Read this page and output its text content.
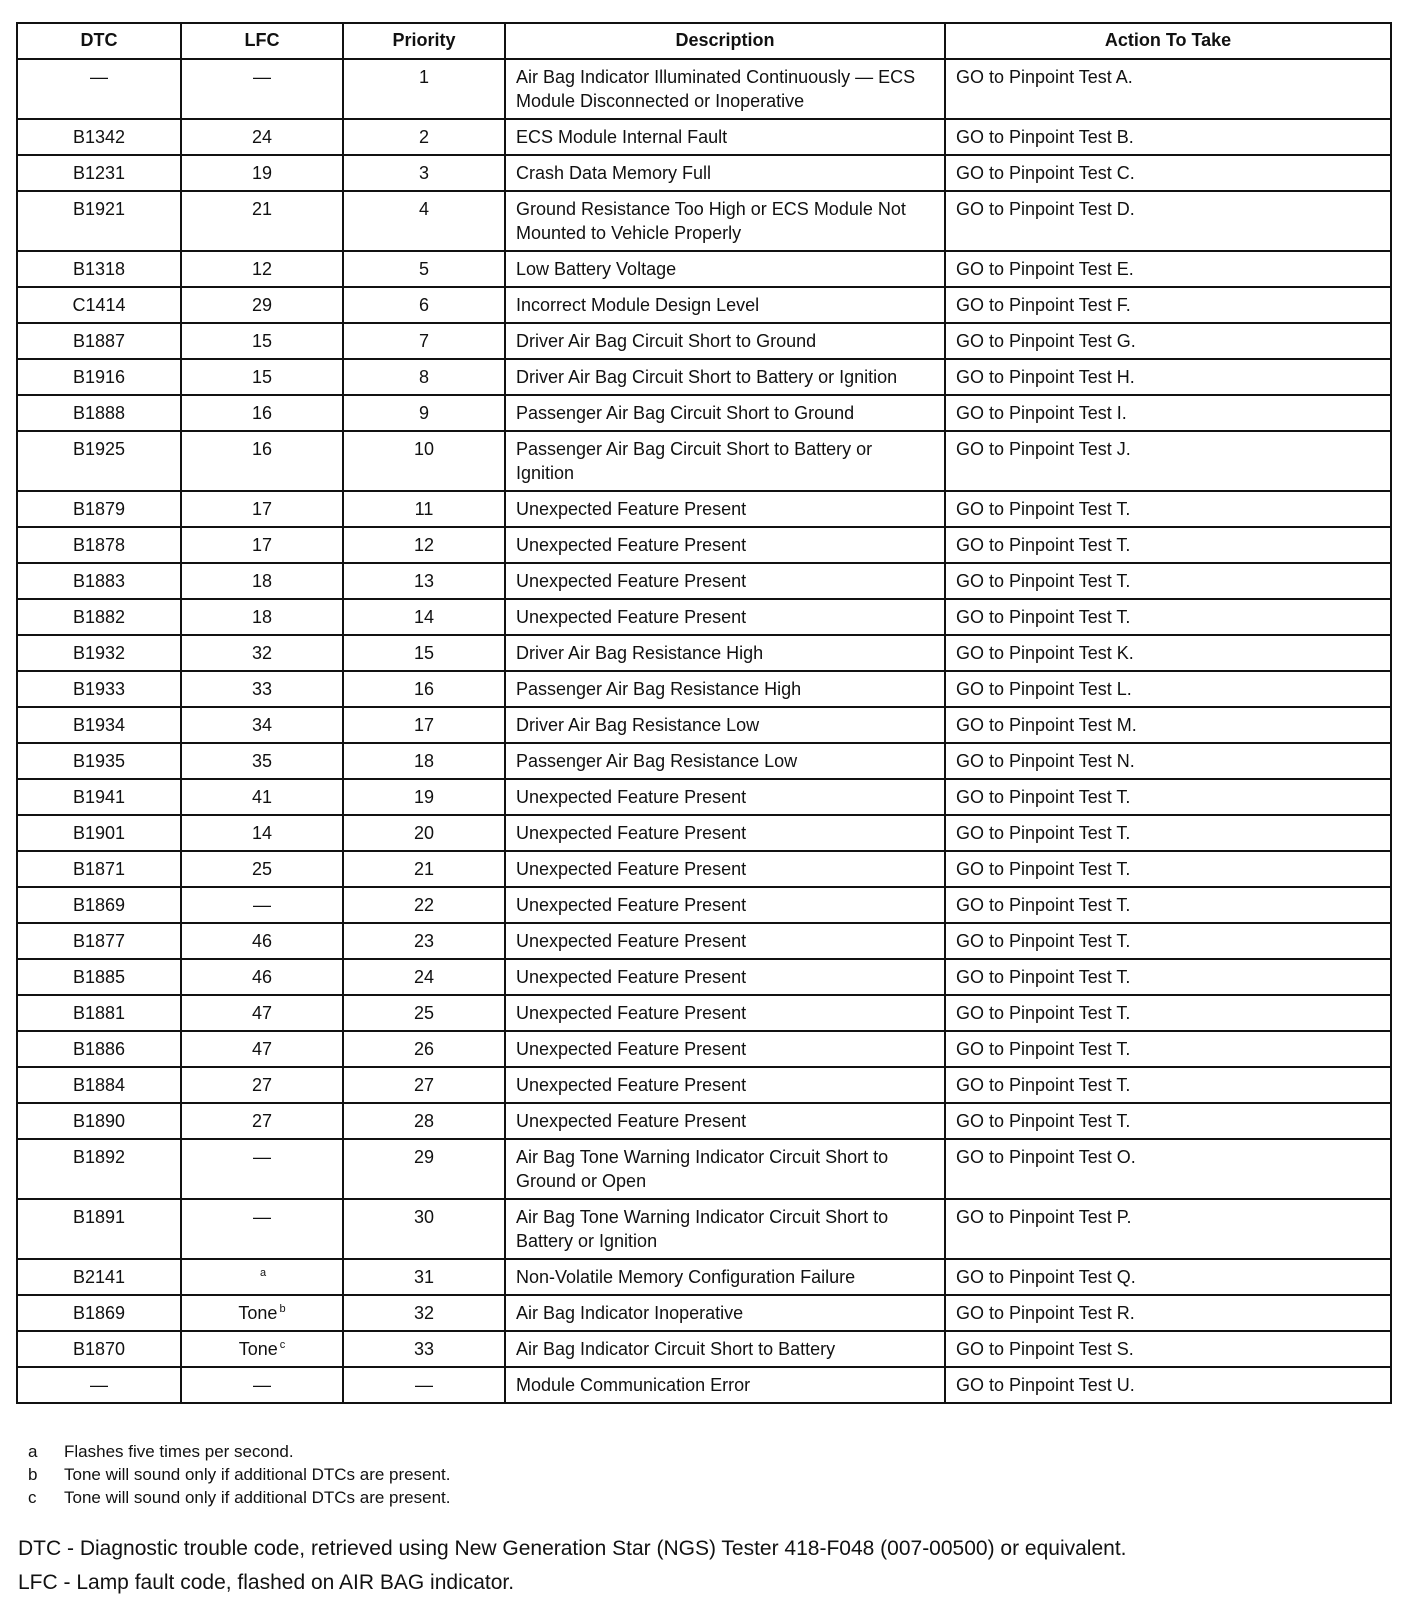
DTC	LFC	Priority	Description	Action To Take
—	—	1	Air Bag Indicator Illuminated Continuously — ECS Module Disconnected or Inoperative	GO to Pinpoint Test A.
B1342	24	2	ECS Module Internal Fault	GO to Pinpoint Test B.
B1231	19	3	Crash Data Memory Full	GO to Pinpoint Test C.
B1921	21	4	Ground Resistance Too High or ECS Module Not Mounted to Vehicle Properly	GO to Pinpoint Test D.
B1318	12	5	Low Battery Voltage	GO to Pinpoint Test E.
C1414	29	6	Incorrect Module Design Level	GO to Pinpoint Test F.
B1887	15	7	Driver Air Bag Circuit Short to Ground	GO to Pinpoint Test G.
B1916	15	8	Driver Air Bag Circuit Short to Battery or Ignition	GO to Pinpoint Test H.
B1888	16	9	Passenger Air Bag Circuit Short to Ground	GO to Pinpoint Test I.
B1925	16	10	Passenger Air Bag Circuit Short to Battery or Ignition	GO to Pinpoint Test J.
B1879	17	11	Unexpected Feature Present	GO to Pinpoint Test T.
B1878	17	12	Unexpected Feature Present	GO to Pinpoint Test T.
B1883	18	13	Unexpected Feature Present	GO to Pinpoint Test T.
B1882	18	14	Unexpected Feature Present	GO to Pinpoint Test T.
B1932	32	15	Driver Air Bag Resistance High	GO to Pinpoint Test K.
B1933	33	16	Passenger Air Bag Resistance High	GO to Pinpoint Test L.
B1934	34	17	Driver Air Bag Resistance Low	GO to Pinpoint Test M.
B1935	35	18	Passenger Air Bag Resistance Low	GO to Pinpoint Test N.
B1941	41	19	Unexpected Feature Present	GO to Pinpoint Test T.
B1901	14	20	Unexpected Feature Present	GO to Pinpoint Test T.
B1871	25	21	Unexpected Feature Present	GO to Pinpoint Test T.
B1869	—	22	Unexpected Feature Present	GO to Pinpoint Test T.
B1877	46	23	Unexpected Feature Present	GO to Pinpoint Test T.
B1885	46	24	Unexpected Feature Present	GO to Pinpoint Test T.
B1881	47	25	Unexpected Feature Present	GO to Pinpoint Test T.
B1886	47	26	Unexpected Feature Present	GO to Pinpoint Test T.
B1884	27	27	Unexpected Feature Present	GO to Pinpoint Test T.
B1890	27	28	Unexpected Feature Present	GO to Pinpoint Test T.
B1892	—	29	Air Bag Tone Warning Indicator Circuit Short to Ground or Open	GO to Pinpoint Test O.
B1891	—	30	Air Bag Tone Warning Indicator Circuit Short to Battery or Ignition	GO to Pinpoint Test P.
B2141	$^a$	31	Non-Volatile Memory Configuration Failure	GO to Pinpoint Test Q.
B1869	Tone $^b$	32	Air Bag Indicator Inoperative	GO to Pinpoint Test R.
B1870	Tone $^c$	33	Air Bag Indicator Circuit Short to Battery	GO to Pinpoint Test S.
—	—	—	Module Communication Error	GO to Pinpoint Test U.
a	Flashes five times per second.
b	Tone will sound only if additional DTCs are present.
c	Tone will sound only if additional DTCs are present.
DTC - Diagnostic trouble code, retrieved using New Generation Star (NGS) Tester 418-F048 (007-00500) or equivalent.
LFC - Lamp fault code, flashed on AIR BAG indicator.
